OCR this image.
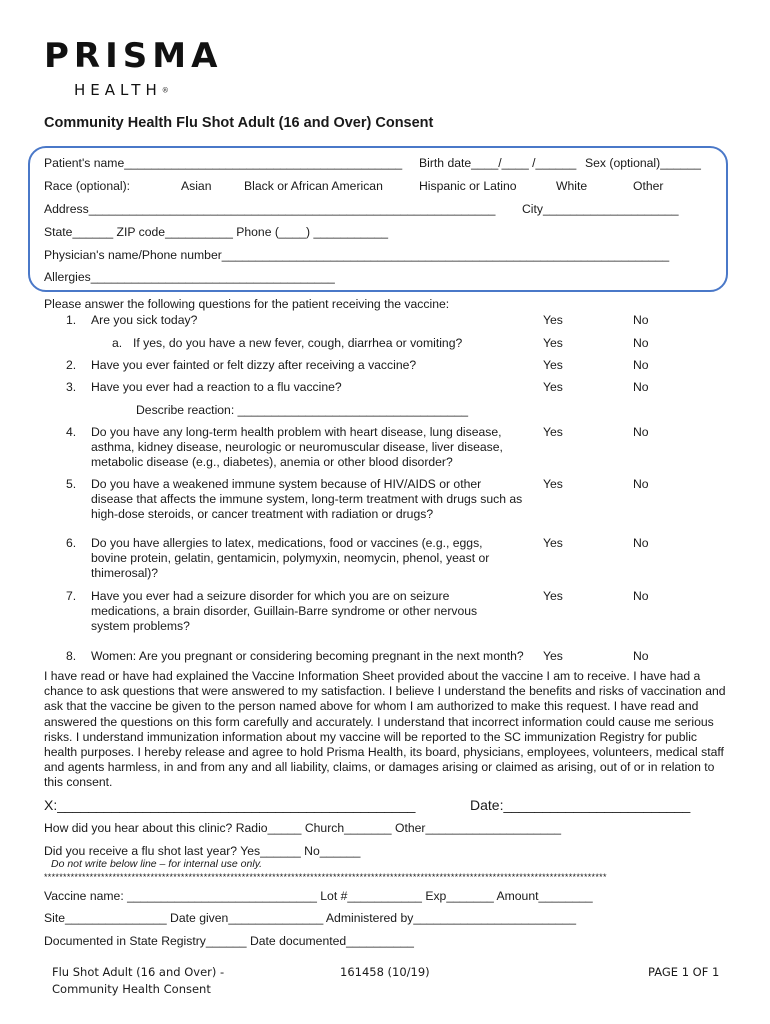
PRISMA
HEALTH®
Community Health Flu Shot Adult (16 and Over) Consent
Patient's name_________________________________________ Birth date____/____ /______ Sex (optional)______
Race (optional):	Asian	Black or African American	Hispanic or Latino	White	Other
Address____________________________________________________________ City____________________
State______ ZIP code__________ Phone (____) ___________
Physician's name/Phone number__________________________________________________________________
Allergies____________________________________
Please answer the following questions for the patient receiving the vaccine:
1. Are you sick today?	Yes	No
a. If yes, do you have a new fever, cough, diarrhea or vomiting?	Yes	No
2. Have you ever fainted or felt dizzy after receiving a vaccine?	Yes	No
3. Have you ever had a reaction to a flu vaccine?	Yes	No
Describe reaction: __________________________________
4. Do you have any long-term health problem with heart disease, lung disease, asthma, kidney disease, neurologic or neuromuscular disease, liver disease, metabolic disease (e.g., diabetes), anemia or other blood disorder?
Yes	No
5. Do you have a weakened immune system because of HIV/AIDS or other disease that affects the immune system, long-term treatment with drugs such as high-dose steroids, or cancer treatment with radiation or drugs?
Yes	No
6. Do you have allergies to latex, medications, food or vaccines (e.g., eggs, bovine protein, gelatin, gentamicin, polymyxin, neomycin, phenol, yeast or thimerosal)?
Yes	No
7. Have you ever had a seizure disorder for which you are on seizure medications, a brain disorder, Guillain-Barre syndrome or other nervous system problems?
Yes	No
8. Women: Are you pregnant or considering becoming pregnant in the next month? Yes	No
I have read or have had explained the Vaccine Information Sheet provided about the vaccine I am to receive. I have had a chance to ask questions that were answered to my satisfaction. I believe I understand the benefits and risks of vaccination and ask that the vaccine be given to the person named above for whom I am authorized to make this request. I have read and answered the questions on this form carefully and accurately. I understand that incorrect information could cause me serious risks. I understand immunization information about my vaccine will be reported to the SC immunization Registry for public health purposes. I hereby release and agree to hold Prisma Health, its board, physicians, employees, volunteers, medical staff and agents harmless, in and from any and all liability, claims, or damages arising or claimed as arising, out of or in relation to this consent.
X:______________________________________________	Date:________________________
How did you hear about this clinic? Radio_____ Church_______ Other____________________
Did you receive a flu shot last year? Yes______ No______
Do not write below line – for internal use only.
****************************************************************************************************************************************************
Vaccine name: ____________________________ Lot #___________ Exp_______ Amount________
Site_______________ Date given______________ Administered by________________________
Documented in State Registry______ Date documented__________
Flu Shot Adult (16 and Over) -
Community Health Consent
161458 (10/19)	PAGE 1 OF 1
